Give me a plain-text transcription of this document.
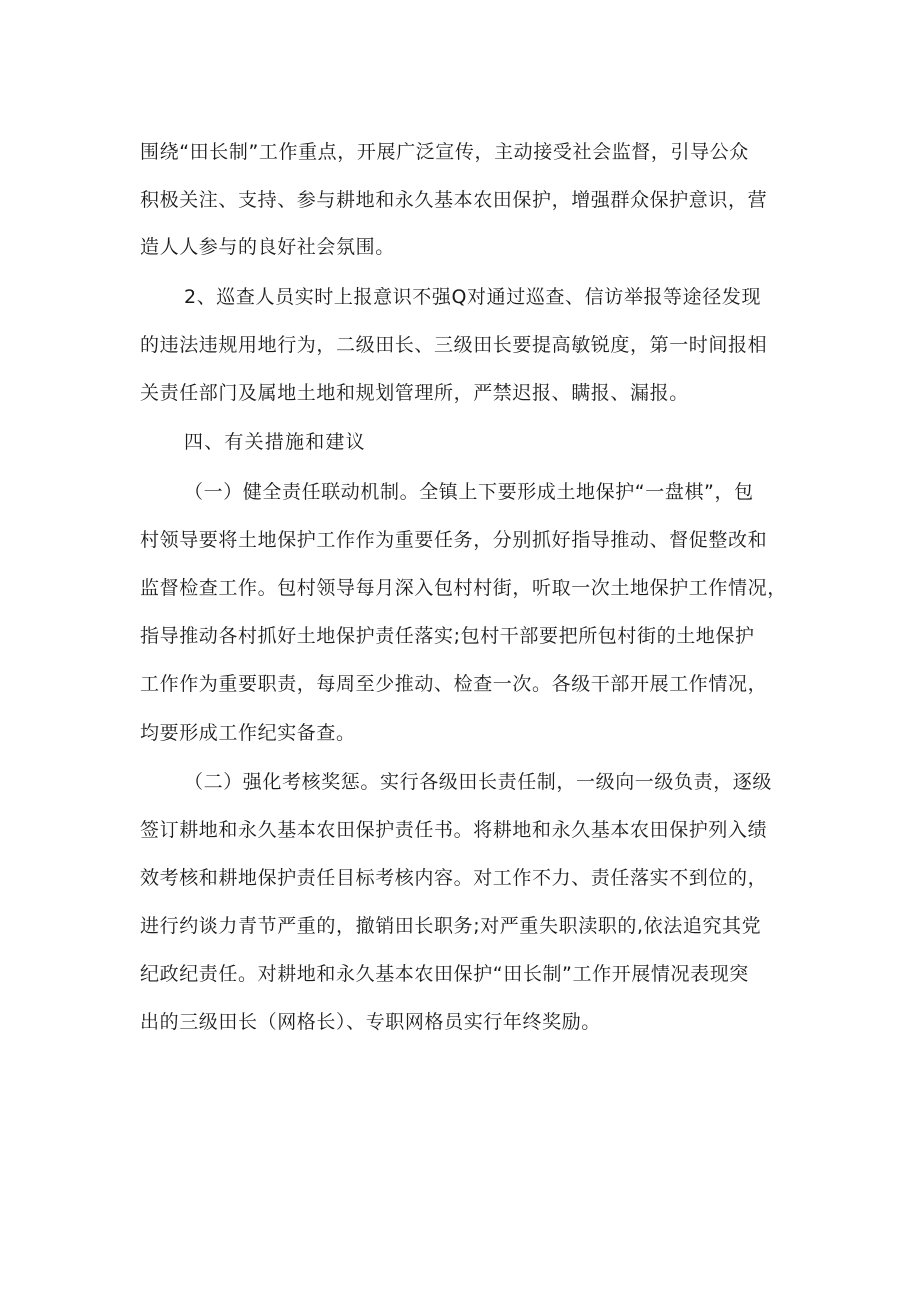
围绕“田长制”工作重点，开展广泛宣传，主动接受社会监督，引导公众
积极关注、支持、参与耕地和永久基本农田保护，增强群众保护意识，营
造人人参与的良好社会氛围。
2、巡查人员实时上报意识不强Q对通过巡查、信访举报等途径发现
的违法违规用地行为，二级田长、三级田长要提高敏锐度，第一时间报相
关责任部门及属地土地和规划管理所，严禁迟报、瞒报、漏报。
四、有关措施和建议
（一）健全责任联动机制。全镇上下要形成土地保护“一盘棋”，包
村领导要将土地保护工作作为重要任务，分别抓好指导推动、督促整改和
监督检查工作。包村领导每月深入包村村街，听取一次土地保护工作情况，
指导推动各村抓好土地保护责任落实;包村干部要把所包村街的土地保护
工作作为重要职责，每周至少推动、检查一次。各级干部开展工作情况，
均要形成工作纪实备查。
（二）强化考核奖惩。实行各级田长责任制，一级向一级负责，逐级
签订耕地和永久基本农田保护责任书。将耕地和永久基本农田保护列入绩
效考核和耕地保护责任目标考核内容。对工作不力、责任落实不到位的，
进行约谈力青节严重的，撤销田长职务;对严重失职渎职的,依法追究其党
纪政纪责任。对耕地和永久基本农田保护“田长制”工作开展情况表现突
出的三级田长（网格长）、专职网格员实行年终奖励。
